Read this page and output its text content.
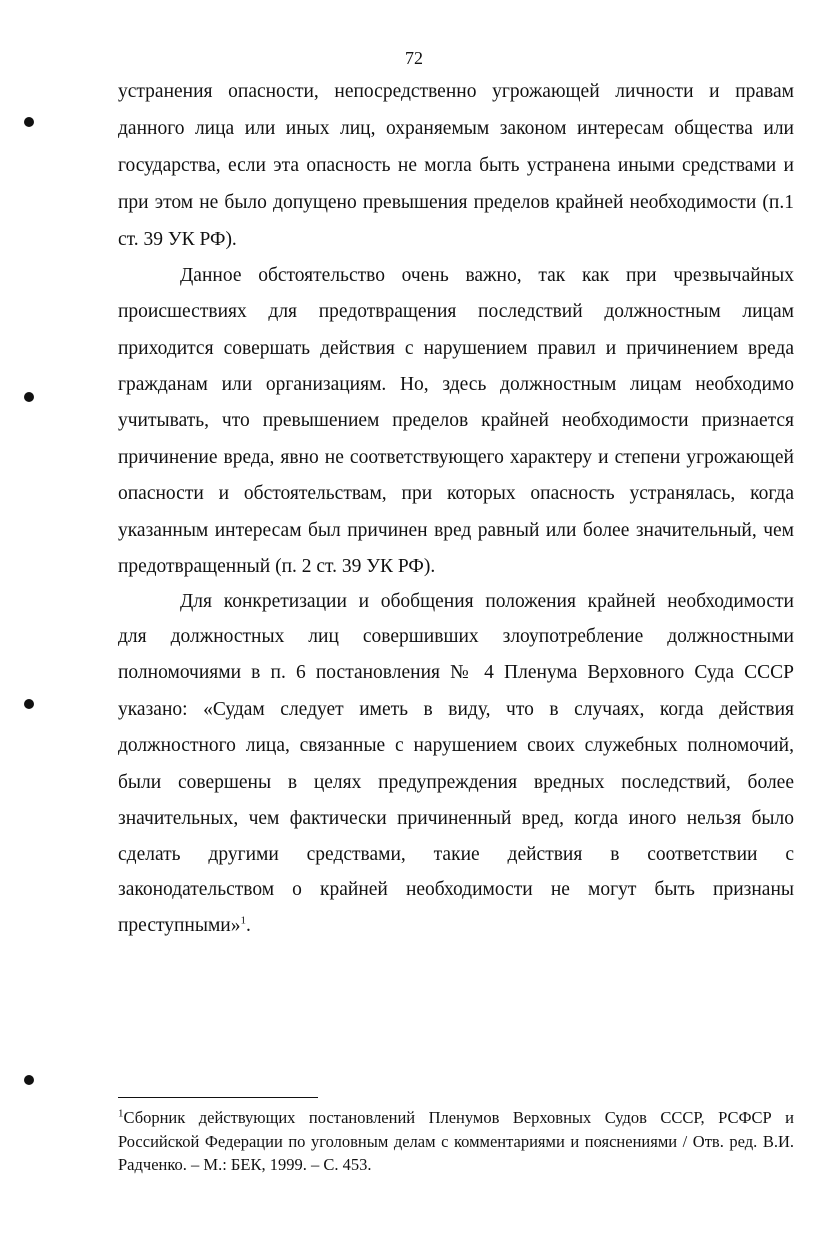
72
устранения опасности, непосредственно угрожающей личности и правам
данного лица или иных лиц, охраняемым законом интересам общества или
государства, если эта опасность не могла быть устранена иными средствами и
при этом не было допущено превышения пределов крайней необходимости (п.1
ст. 39 УК РФ).
Данное обстоятельство очень важно, так как при чрезвычайных
происшествиях для предотвращения последствий должностным лицам
приходится совершать действия с нарушением правил и причинением вреда
гражданам или организациям. Но, здесь должностным лицам необходимо
учитывать, что превышением пределов крайней необходимости признается
причинение вреда, явно не соответствующего характеру и степени угрожающей
опасности и обстоятельствам, при которых опасность устранялась, когда
указанным интересам был причинен вред равный или более значительный, чем
предотвращенный (п. 2 ст. 39 УК РФ).
Для конкретизации и обобщения положения крайней необходимости
для должностных лиц совершивших злоупотребление должностными
полномочиями в п. 6 постановления № 4 Пленума Верховного Суда СССР
указано: «Судам следует иметь в виду, что в случаях, когда действия
должностного лица, связанные с нарушением своих служебных полномочий,
были совершены в целях предупреждения вредных последствий, более
значительных, чем фактически причиненный вред, когда иного нельзя было
сделать другими средствами, такие действия в соответствии с
законодательством о крайней необходимости не могут быть признаны
преступными»$^1$.
$^1$Сборник действующих постановлений Пленумов Верховных Судов СССР, РСФСР и
Российской Федерации по уголовным делам с комментариями и пояснениями / Отв. ред. В.И.
Радченко. – М.: БЕК, 1999. – С. 453.
